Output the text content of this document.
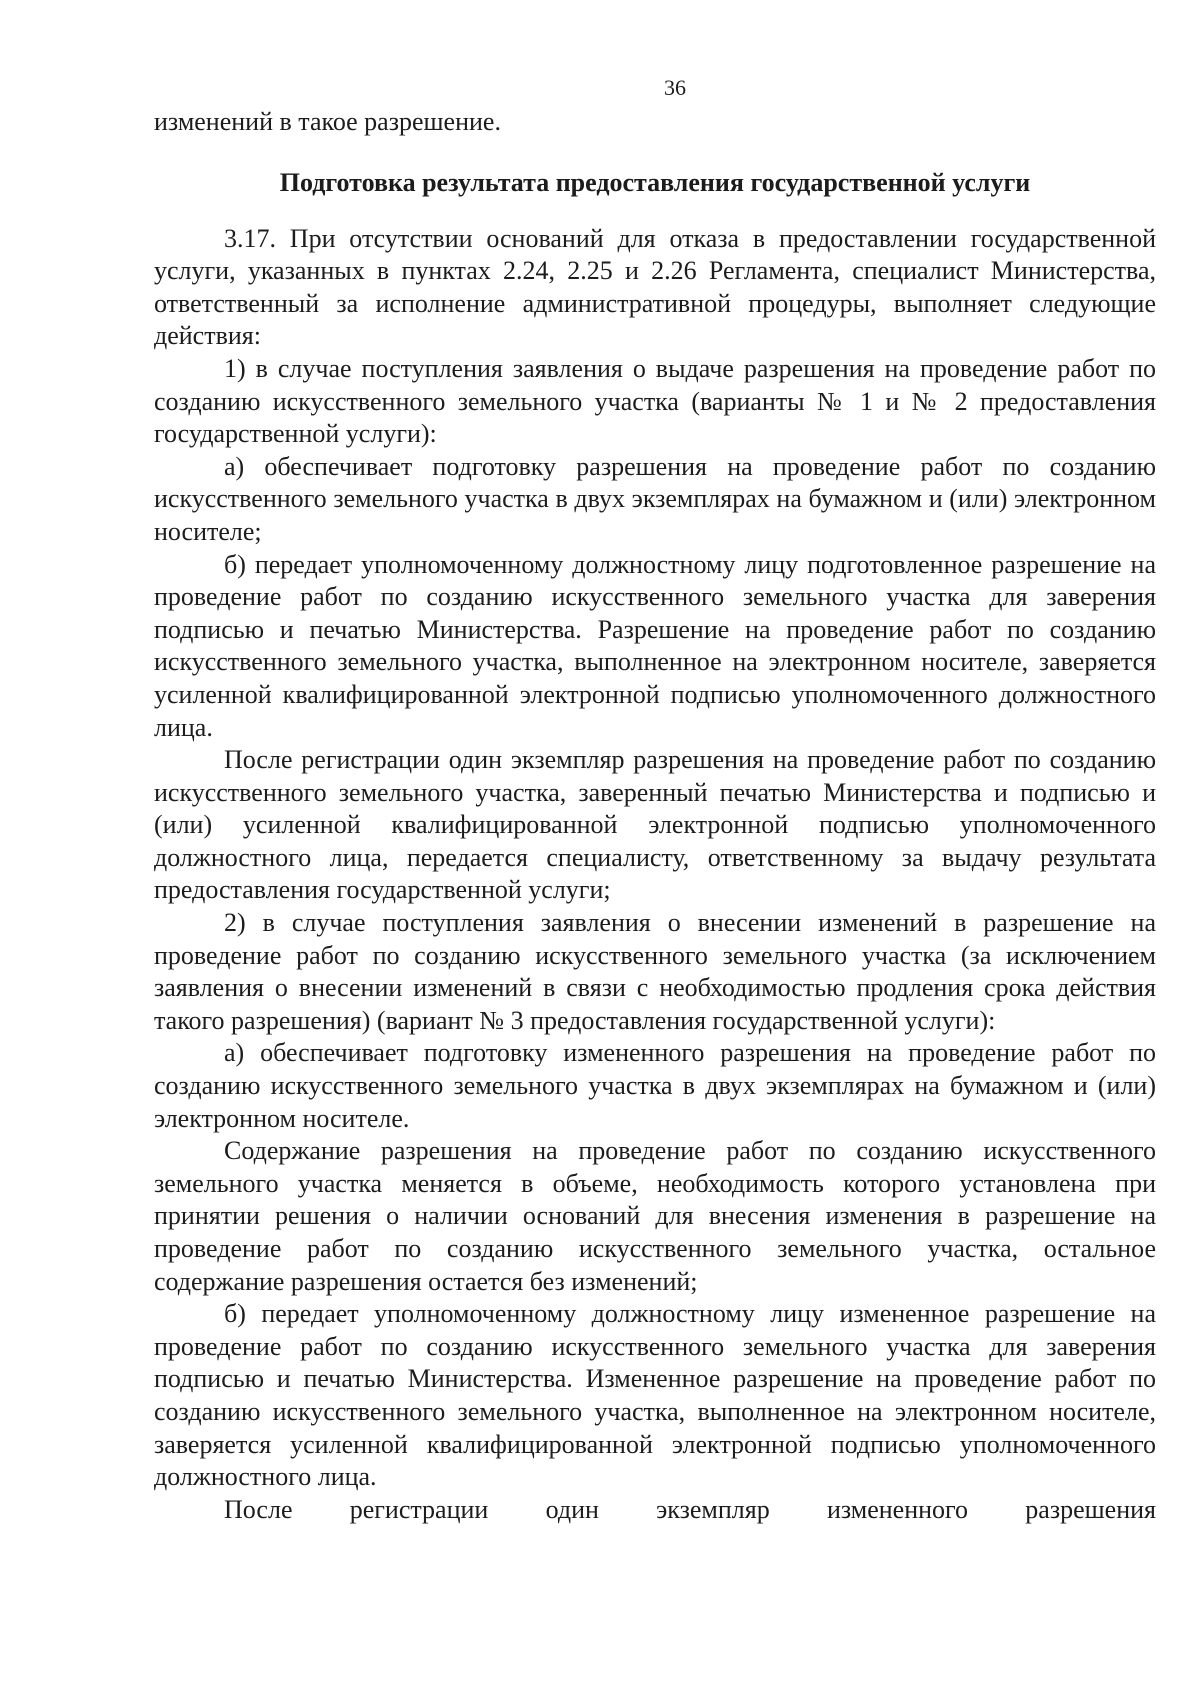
36

изменений в такое разрешение.

Подготовка результата предоставления государственной услуги

3.17. При отсутствии оснований для отказа в предоставлении государственной услуги, указанных в пунктах 2.24, 2.25 и 2.26 Регламента, специалист Министерства, ответственный за исполнение административной процедуры, выполняет следующие действия:

1) в случае поступления заявления о выдаче разрешения на проведение работ по созданию искусственного земельного участка (варианты № 1 и № 2 предоставления государственной услуги):

а) обеспечивает подготовку разрешения на проведение работ по созданию искусственного земельного участка в двух экземплярах на бумажном и (или) электронном носителе;

б) передает уполномоченному должностному лицу подготовленное разрешение на проведение работ по созданию искусственного земельного участка для заверения подписью и печатью Министерства. Разрешение на проведение работ по созданию искусственного земельного участка, выполненное на электронном носителе, заверяется усиленной квалифицированной электронной подписью уполномоченного должностного лица.

После регистрации один экземпляр разрешения на проведение работ по созданию искусственного земельного участка, заверенный печатью Министерства и подписью и (или) усиленной квалифицированной электронной подписью уполномоченного должностного лица, передается специалисту, ответственному за выдачу результата предоставления государственной услуги;

2) в случае поступления заявления о внесении изменений в разрешение на проведение работ по созданию искусственного земельного участка (за исключением заявления о внесении изменений в связи с необходимостью продления срока действия такого разрешения) (вариант № 3 предоставления государственной услуги):

а) обеспечивает подготовку измененного разрешения на проведение работ по созданию искусственного земельного участка в двух экземплярах на бумажном и (или) электронном носителе.

Содержание разрешения на проведение работ по созданию искусственного земельного участка меняется в объеме, необходимость которого установлена при принятии решения о наличии оснований для внесения изменения в разрешение на проведение работ по созданию искусственного земельного участка, остальное содержание разрешения остается без изменений;

б) передает уполномоченному должностному лицу измененное разрешение на проведение работ по созданию искусственного земельного участка для заверения подписью и печатью Министерства. Измененное разрешение на проведение работ по созданию искусственного земельного участка, выполненное на электронном носителе, заверяется усиленной квалифицированной электронной подписью уполномоченного должностного лица.

После регистрации один экземпляр измененного разрешения
